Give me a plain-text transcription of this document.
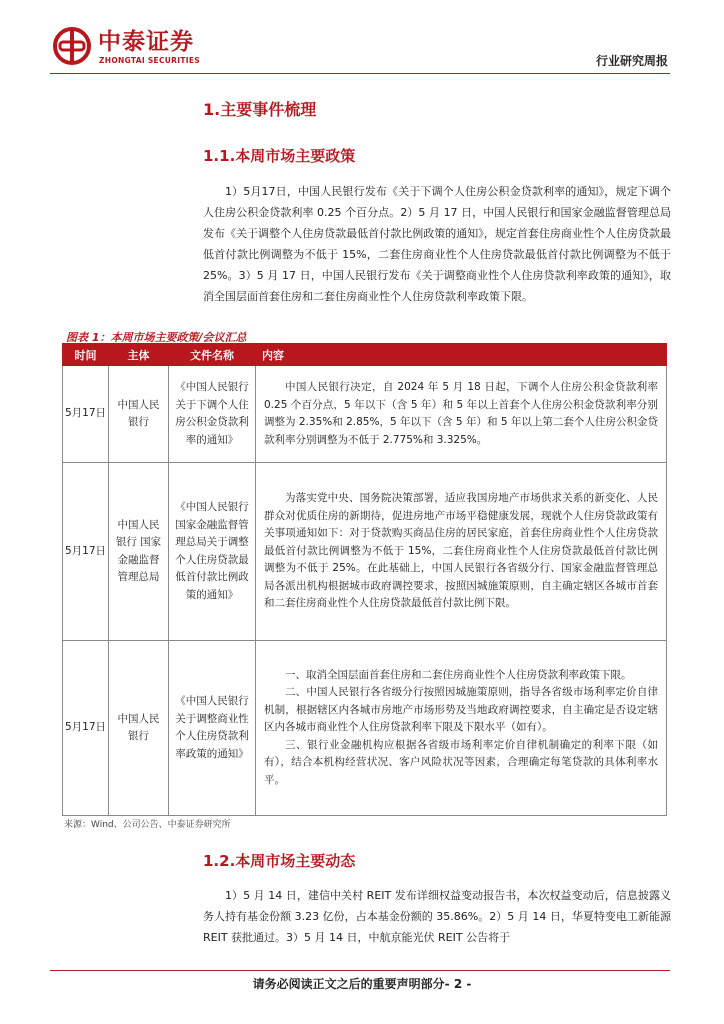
中泰证券
ZHONGTAI SECURITIES	行业研究周报
1.主要事件梳理
1.1.本周市场主要政策

1）5月17日，中国人民银行发布《关于下调个人住房公积金贷款利率的通知》，规定下调个人住房公积金贷款利率 0.25 个百分点。2）5 月 17 日，中国人民银行和国家金融监督管理总局发布《关于调整个人住房贷款最低首付款比例政策的通知》，规定首套住房商业性个人住房贷款最低首付款比例调整为不低于 15%，二套住房商业性个人住房贷款最低首付款比例调整为不低于 25%。3）5 月 17 日，中国人民银行发布《关于调整商业性个人住房贷款利率政策的通知》，取消全国层面首套住房和二套住房商业性个人住房贷款利率政策下限。

图表 1：本周市场主要政策/会议汇总
时间	主体	文件名称	内容
5月17日	中国人民银行	《中国人民银行关于下调个人住房公积金贷款利率的通知》	中国人民银行决定，自 2024 年 5 月 18 日起，下调个人住房公积金贷款利率 0.25 个百分点，5 年以下（含 5 年）和 5 年以上首套个人住房公积金贷款利率分别调整为 2.35%和 2.85%，5 年以下（含 5 年）和 5 年以上第二套个人住房公积金贷款利率分别调整为不低于 2.775%和 3.325%。

5月17日	中国人民银行 国家金融监督管理总局	《中国人民银行 国家金融监督管理总局关于调整个人住房贷款最低首付款比例政策的通知》	为落实党中央、国务院决策部署，适应我国房地产市场供求关系的新变化、人民群众对优质住房的新期待，促进房地产市场平稳健康发展，现就个人住房贷款政策有关事项通知如下：对于贷款购买商品住房的居民家庭，首套住房商业性个人住房贷款最低首付款比例调整为不低于 15%，二套住房商业性个人住房贷款最低首付款比例调整为不低于 25%。在此基础上，中国人民银行各省级分行、国家金融监督管理总局各派出机构根据城市政府调控要求，按照因城施策原则，自主确定辖区各城市首套和二套住房商业性个人住房贷款最低首付款比例下限。

5月17日	中国人民银行	《中国人民银行关于调整商业性个人住房贷款利率政策的通知》	一、取消全国层面首套住房和二套住房商业性个人住房贷款利率政策下限。
二、中国人民银行各省级分行按照因城施策原则，指导各省级市场利率定价自律机制，根据辖区内各城市房地产市场形势及当地政府调控要求，自主确定是否设定辖区内各城市商业性个人住房贷款利率下限及下限水平（如有）。
三、银行业金融机构应根据各省级市场利率定价自律机制确定的利率下限（如有），结合本机构经营状况、客户风险状况等因素，合理确定每笔贷款的具体利率水平。
来源：Wind、公司公告、中泰证券研究所
1.2.本周市场主要动态

1）5 月 14 日，建信中关村 REIT 发布详细权益变动报告书，本次权益变动后，信息披露义务人持有基金份额 3.23 亿份，占本基金份额的 35.86%。2）5 月 14 日，华夏特变电工新能源 REIT 获批通过。3）5 月 14 日，中航京能光伏 REIT 公告将于

请务必阅读正文之后的重要声明部分- 2 -
